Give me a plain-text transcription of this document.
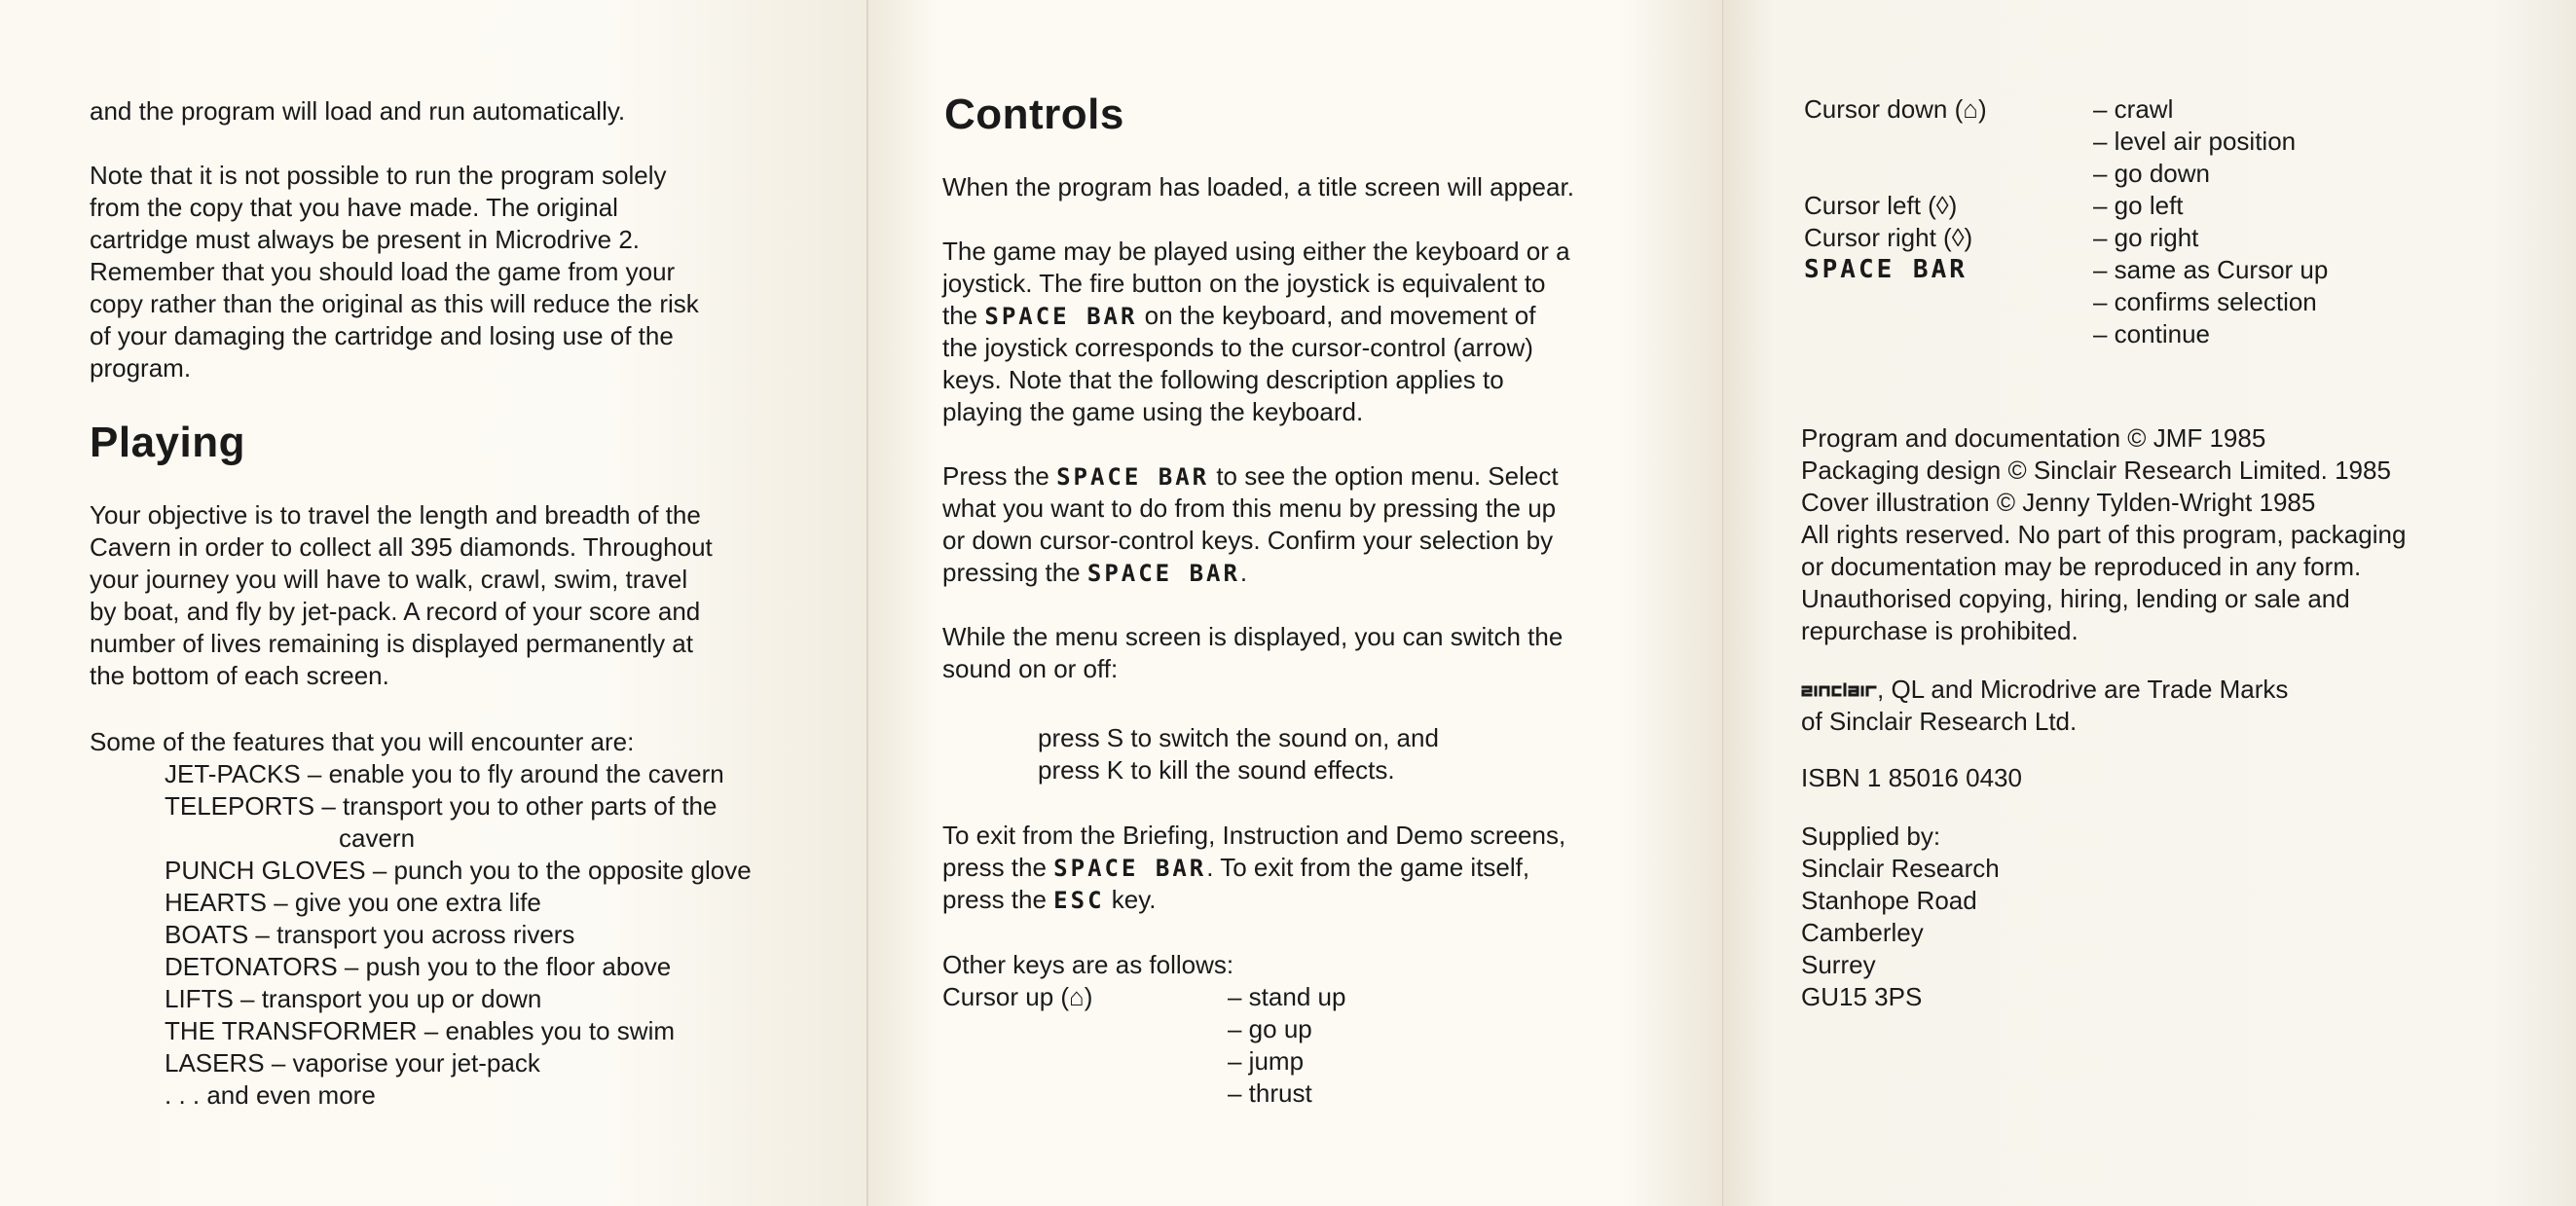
and the program will load and run automatically.

Note that it is not possible to run the program solely

from the copy that you have made. The original

cartridge must always be present in Microdrive 2.

Remember that you should load the game from your

copy rather than the original as this will reduce the risk

of your damaging the cartridge and losing use of the

program.

Playing

Your objective is to travel the length and breadth of the

Cavern in order to collect all 395 diamonds. Throughout

your journey you will have to walk, crawl, swim, travel

by boat, and fly by jet-pack. A record of your score and

number of lives remaining is displayed permanently at

the bottom of each screen.

Some of the features that you will encounter are:

JET-PACKS – enable you to fly around the cavern
TELEPORTS – transport you to other parts of the
cavern
PUNCH GLOVES – punch you to the opposite glove
HEARTS – give you one extra life
BOATS – transport you across rivers
DETONATORS – push you to the floor above
LIFTS – transport you up or down
THE TRANSFORMER – enables you to swim
LASERS – vaporise your jet-pack
. . . and even more
Controls

When the program has loaded, a title screen will appear.

The game may be played using either the keyboard or a

joystick. The fire button on the joystick is equivalent to

the SPACE BAR on the keyboard, and movement of

the joystick corresponds to the cursor-control (arrow)

keys. Note that the following description applies to

playing the game using the keyboard.

Press the SPACE BAR to see the option menu. Select

what you want to do from this menu by pressing the up

or down cursor-control keys. Confirm your selection by

pressing the SPACE BAR.

While the menu screen is displayed, you can switch the

sound on or off:

press S to switch the sound on, and

press K to kill the sound effects.

To exit from the Briefing, Instruction and Demo screens,

press the SPACE BAR. To exit from the game itself,

press the ESC key.

Other keys are as follows:

Cursor up (⌂)	– stand up
– go up
– jump
– thrust
Cursor down (⌂)	– crawl
– level air position
– go down
Cursor left (◊)	– go left
Cursor right (◊)	– go right
SPACE BAR	– same as Cursor up
– confirms selection
– continue
Program and documentation © JMF 1985
Packaging design © Sinclair Research Limited. 1985
Cover illustration © Jenny Tylden-Wright 1985
All rights reserved. No part of this program, packaging
or documentation may be reproduced in any form.
Unauthorised copying, hiring, lending or sale and
repurchase is prohibited.
, QL and Microdrive are Trade Marks
of Sinclair Research Ltd.
ISBN 1 85016 0430
Supplied by:
Sinclair Research
Stanhope Road
Camberley
Surrey
GU15 3PS
